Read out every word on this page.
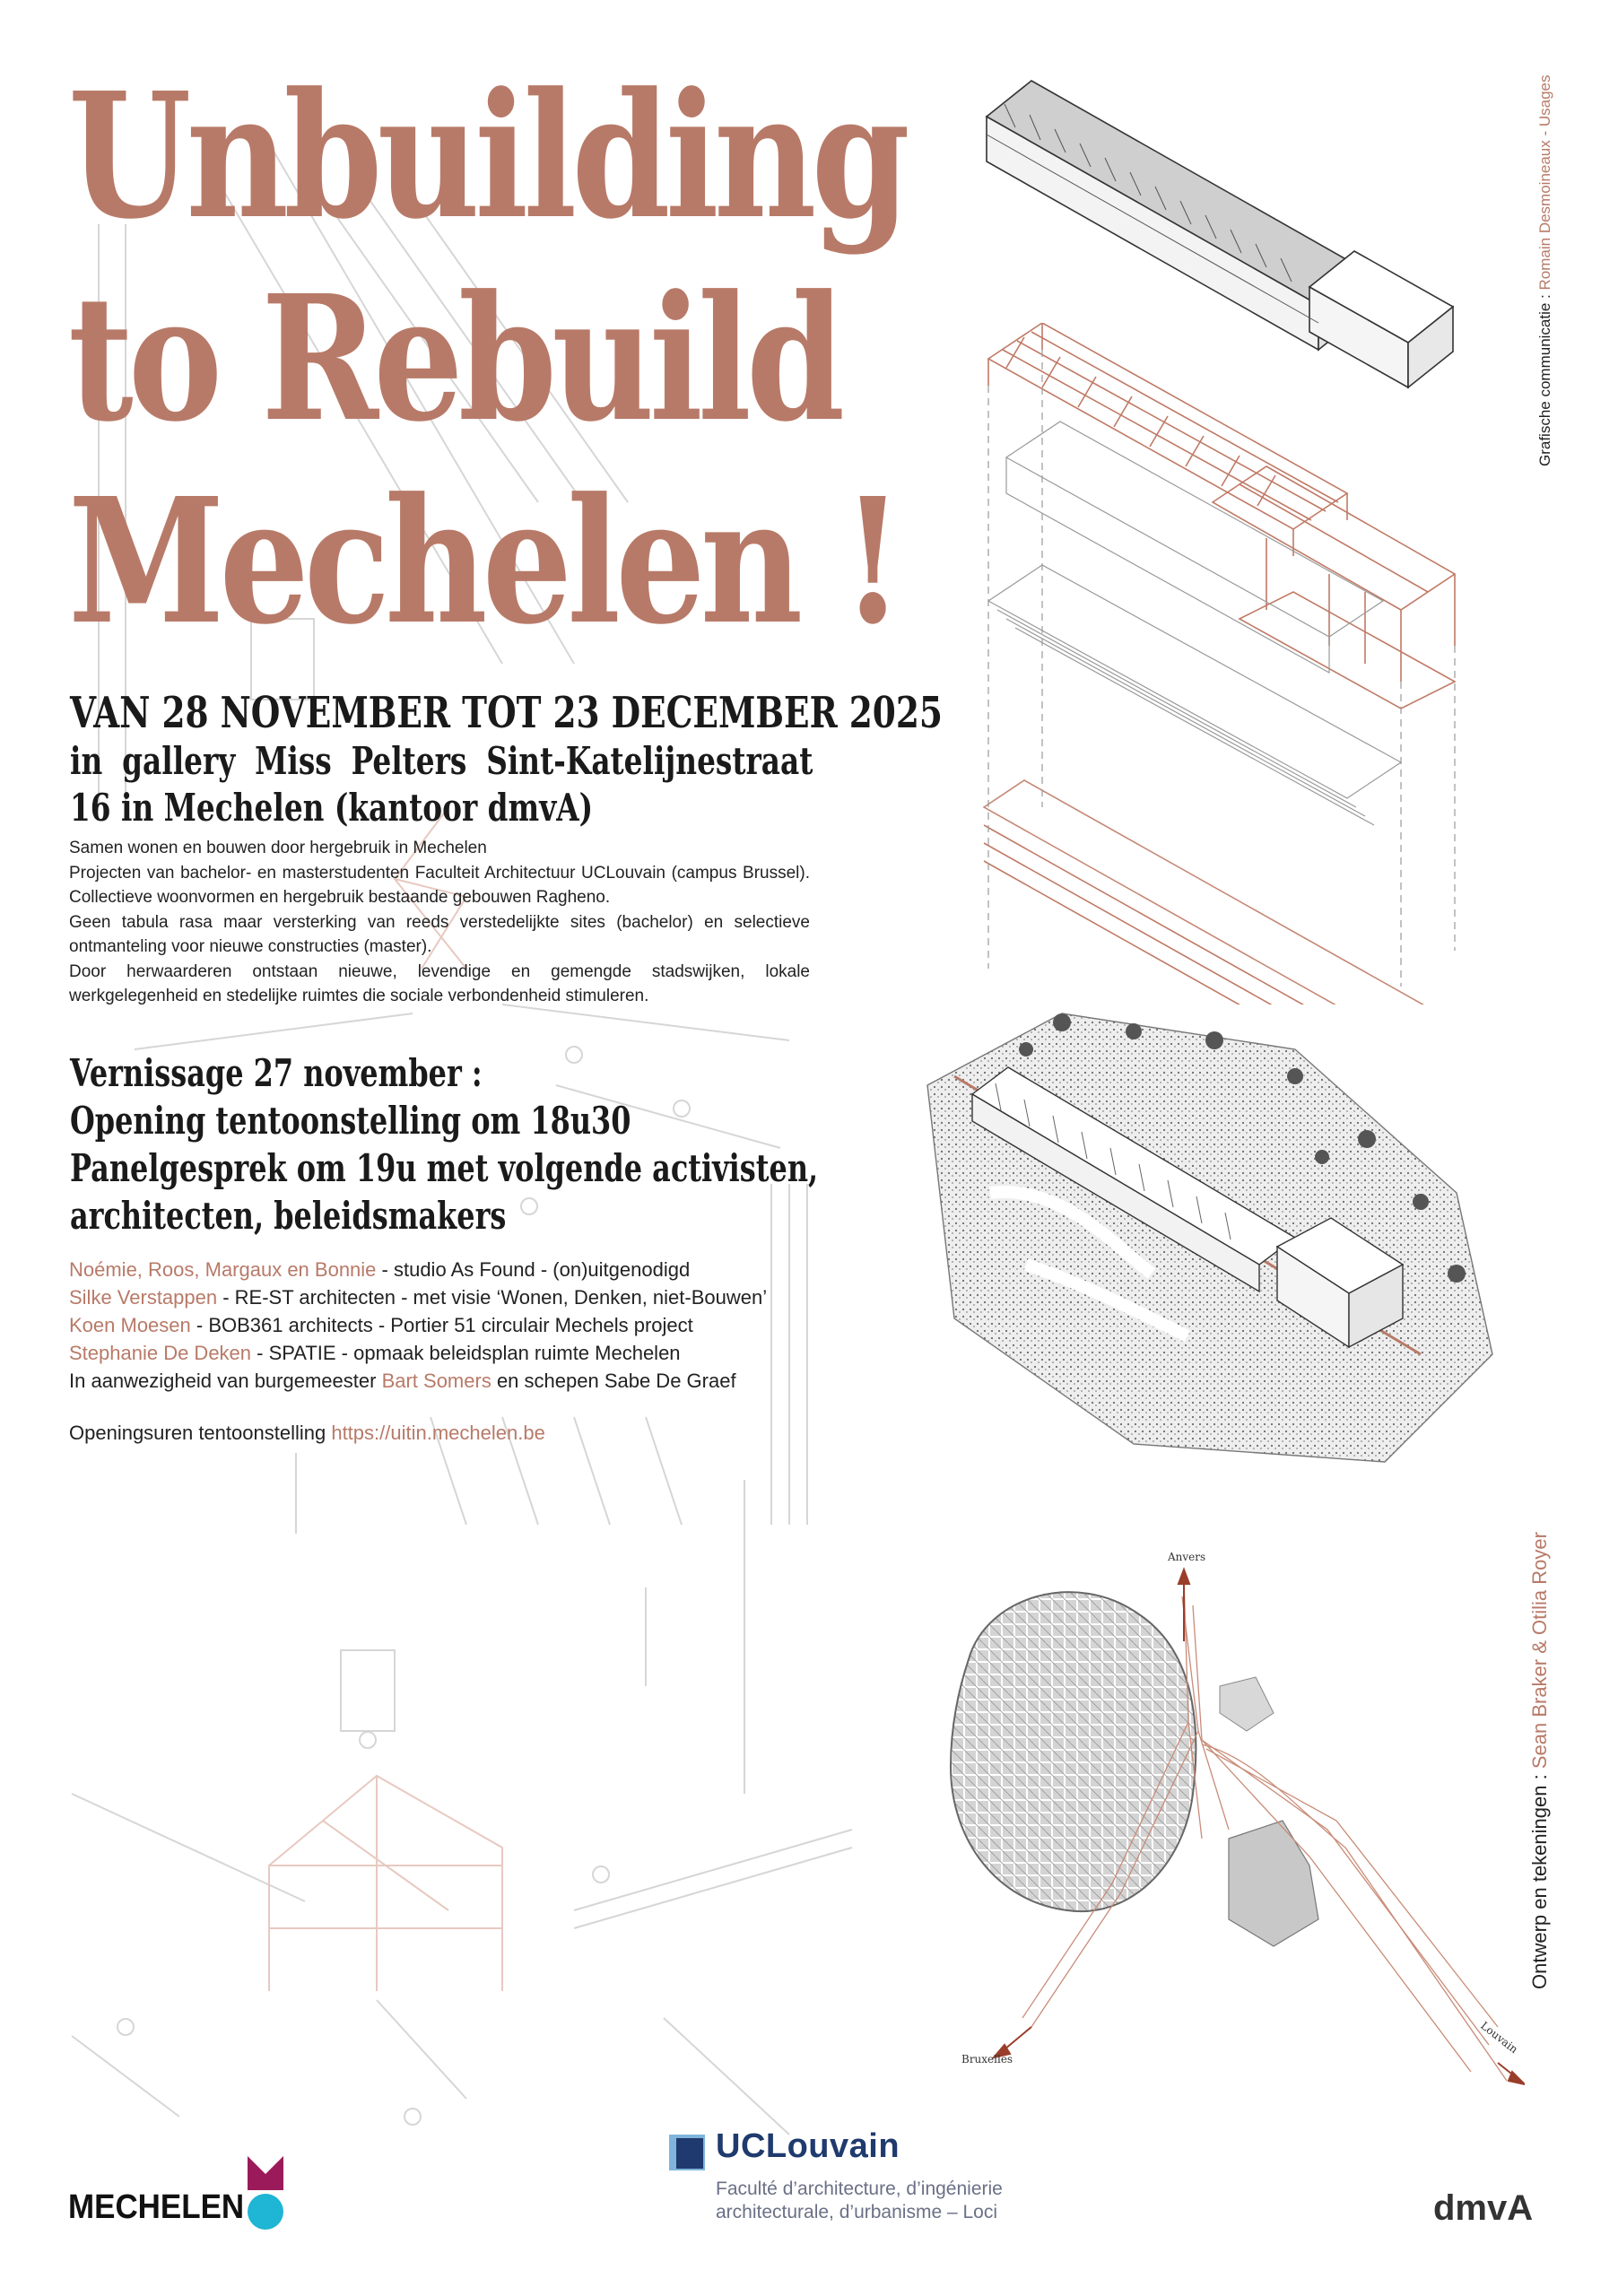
Unbuilding
to Rebuild
Mechelen !
VAN 28 NOVEMBER TOT 23 DECEMBER 2025
in gallery Miss Pelters Sint-Katelijnestraat 16 in Mechelen (kantoor dmvA)

Samen wonen en bouwen door hergebruik in Mechelen

Projecten van bachelor- en masterstudenten Faculteit Architectuur UCLouvain (campus Brussel). Collectieve woonvormen en hergebruik bestaande gebouwen Ragheno.

Geen tabula rasa maar versterking van reeds verstedelijkte sites (bachelor) en selectieve ontmanteling voor nieuwe constructies (master).

Door herwaarderen ontstaan nieuwe, levendige en gemengde stadswijken, lokale werkgelegenheid en stedelijke ruimtes die sociale verbondenheid stimuleren.

Vernissage 27 november :
Opening tentoonstelling om 18u30
Panelgesprek om 19u met volgende activisten,
architecten, beleidsmakers
Noémie, Roos, Margaux en Bonnie - studio As Found - (on)uitgenodigd
Silke Verstappen - RE-ST architecten - met visie ‘Wonen, Denken, niet-Bouwen’
Koen Moesen - BOB361 architects - Portier 51 circulair Mechels project
Stephanie De Deken - SPATIE - opmaak beleidsplan ruimte Mechelen
In aanwezigheid van burgemeester Bart Somers en schepen Sabe De Graef
Openingsuren tentoonstelling https://uitin.mechelen.be
Grafische communicatie : Romain Desmoineaux - Usages
Ontwerp en tekeningen : Sean Braker & Otilia Royer
Anvers
Bruxelles
Louvain
MECHELEN
UCLouvain
Faculté d’architecture, d’ingénierie
architecturale, d’urbanisme – Loci	dmvA
